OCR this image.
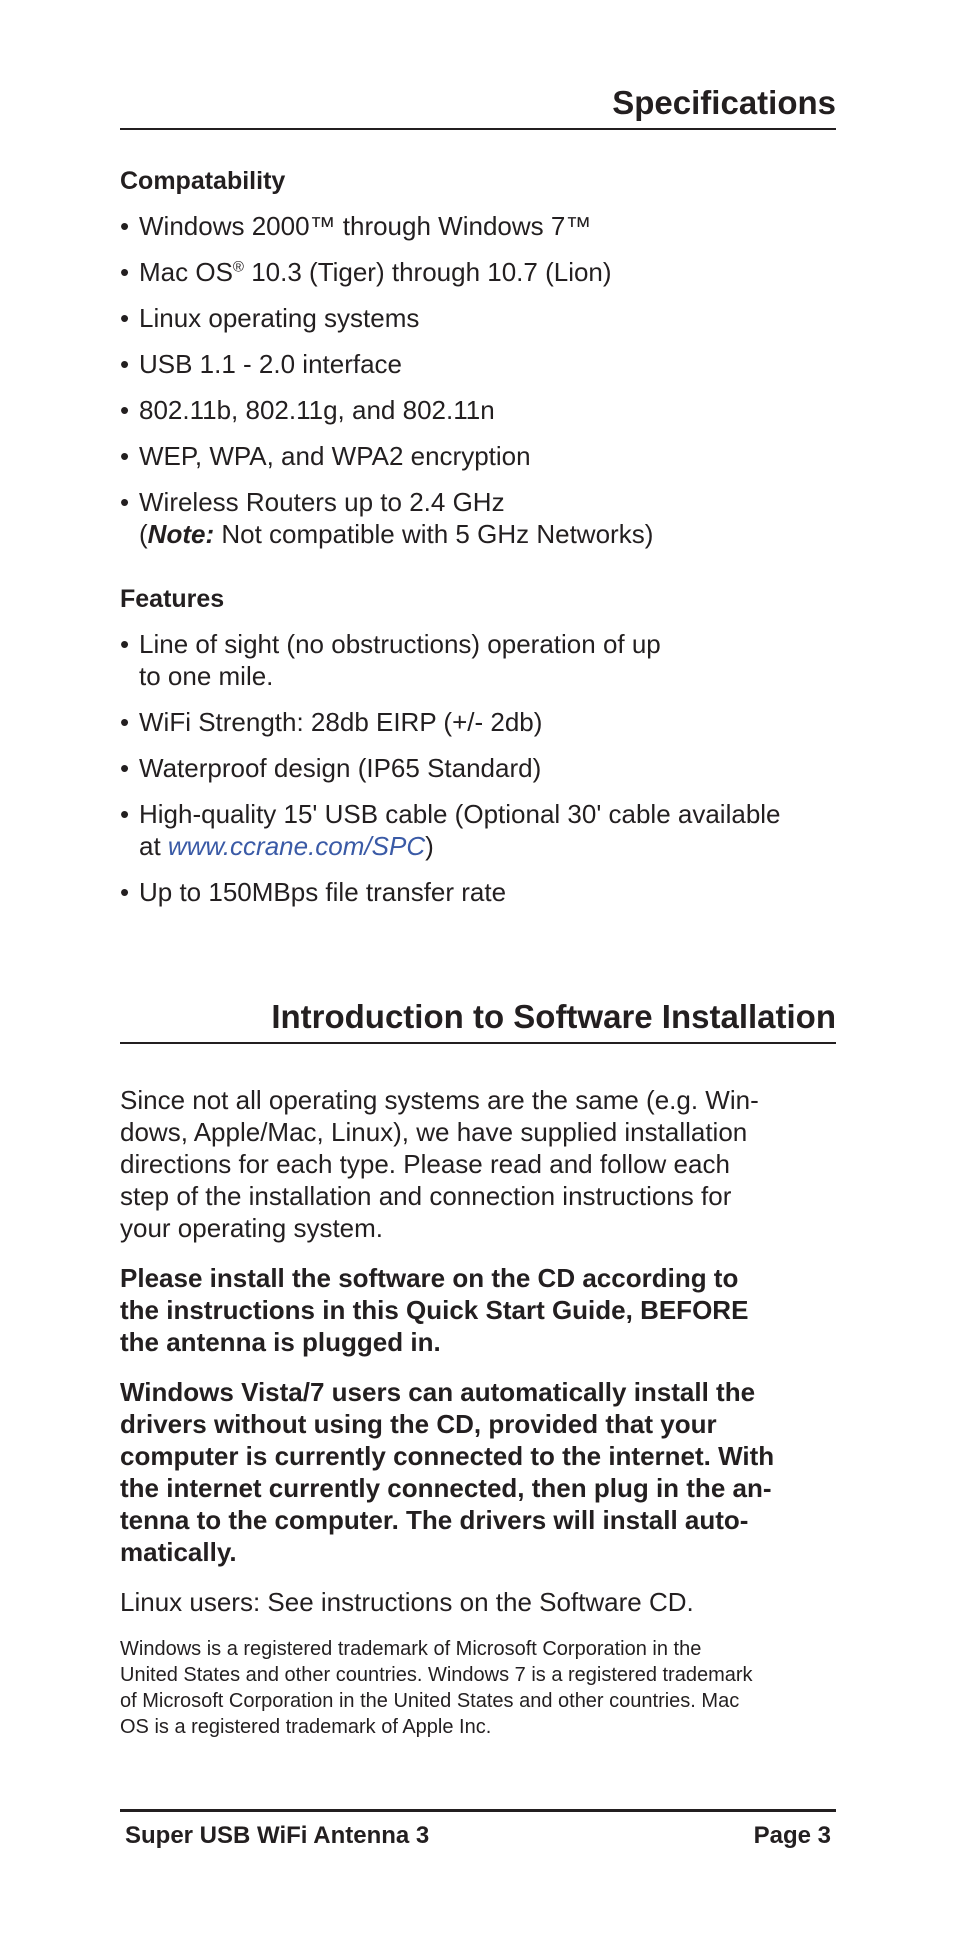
Specifications
Compatability
• Windows 2000™ through Windows 7™
• Mac OS® 10.3 (Tiger) through 10.7 (Lion)
• Linux operating systems
• USB 1.1 - 2.0 interface
• 802.11b, 802.11g, and 802.11n
• WEP, WPA, and WPA2 encryption
• Wireless Routers up to 2.4 GHz
(Note: Not compatible with 5 GHz Networks)
Features
• Line of sight (no obstructions) operation of up
to one mile.
• WiFi Strength: 28db EIRP (+/- 2db)
• Waterproof design (IP65 Standard)
• High-quality 15' USB cable (Optional 30' cable available
at www.ccrane.com/SPC)
• Up to 150MBps file transfer rate
Introduction to Software Installation
Since not all operating systems are the same (e.g. Win-
dows, Apple/Mac, Linux), we have supplied installation
directions for each type. Please read and follow each
step of the installation and connection instructions for
your operating system.
Please install the software on the CD according to
the instructions in this Quick Start Guide, BEFORE
the antenna is plugged in.
Windows Vista/7 users can automatically install the
drivers without using the CD, provided that your
computer is currently connected to the internet. With
the internet currently connected, then plug in the an-
tenna to the computer. The drivers will install auto-
matically.

Linux users: See instructions on the Software CD.

Windows is a registered trademark of Microsoft Corporation in the
United States and other countries. Windows 7 is a registered trademark
of Microsoft Corporation in the United States and other countries. Mac
OS is a registered trademark of Apple Inc.
Super USB WiFi Antenna 3	Page 3
